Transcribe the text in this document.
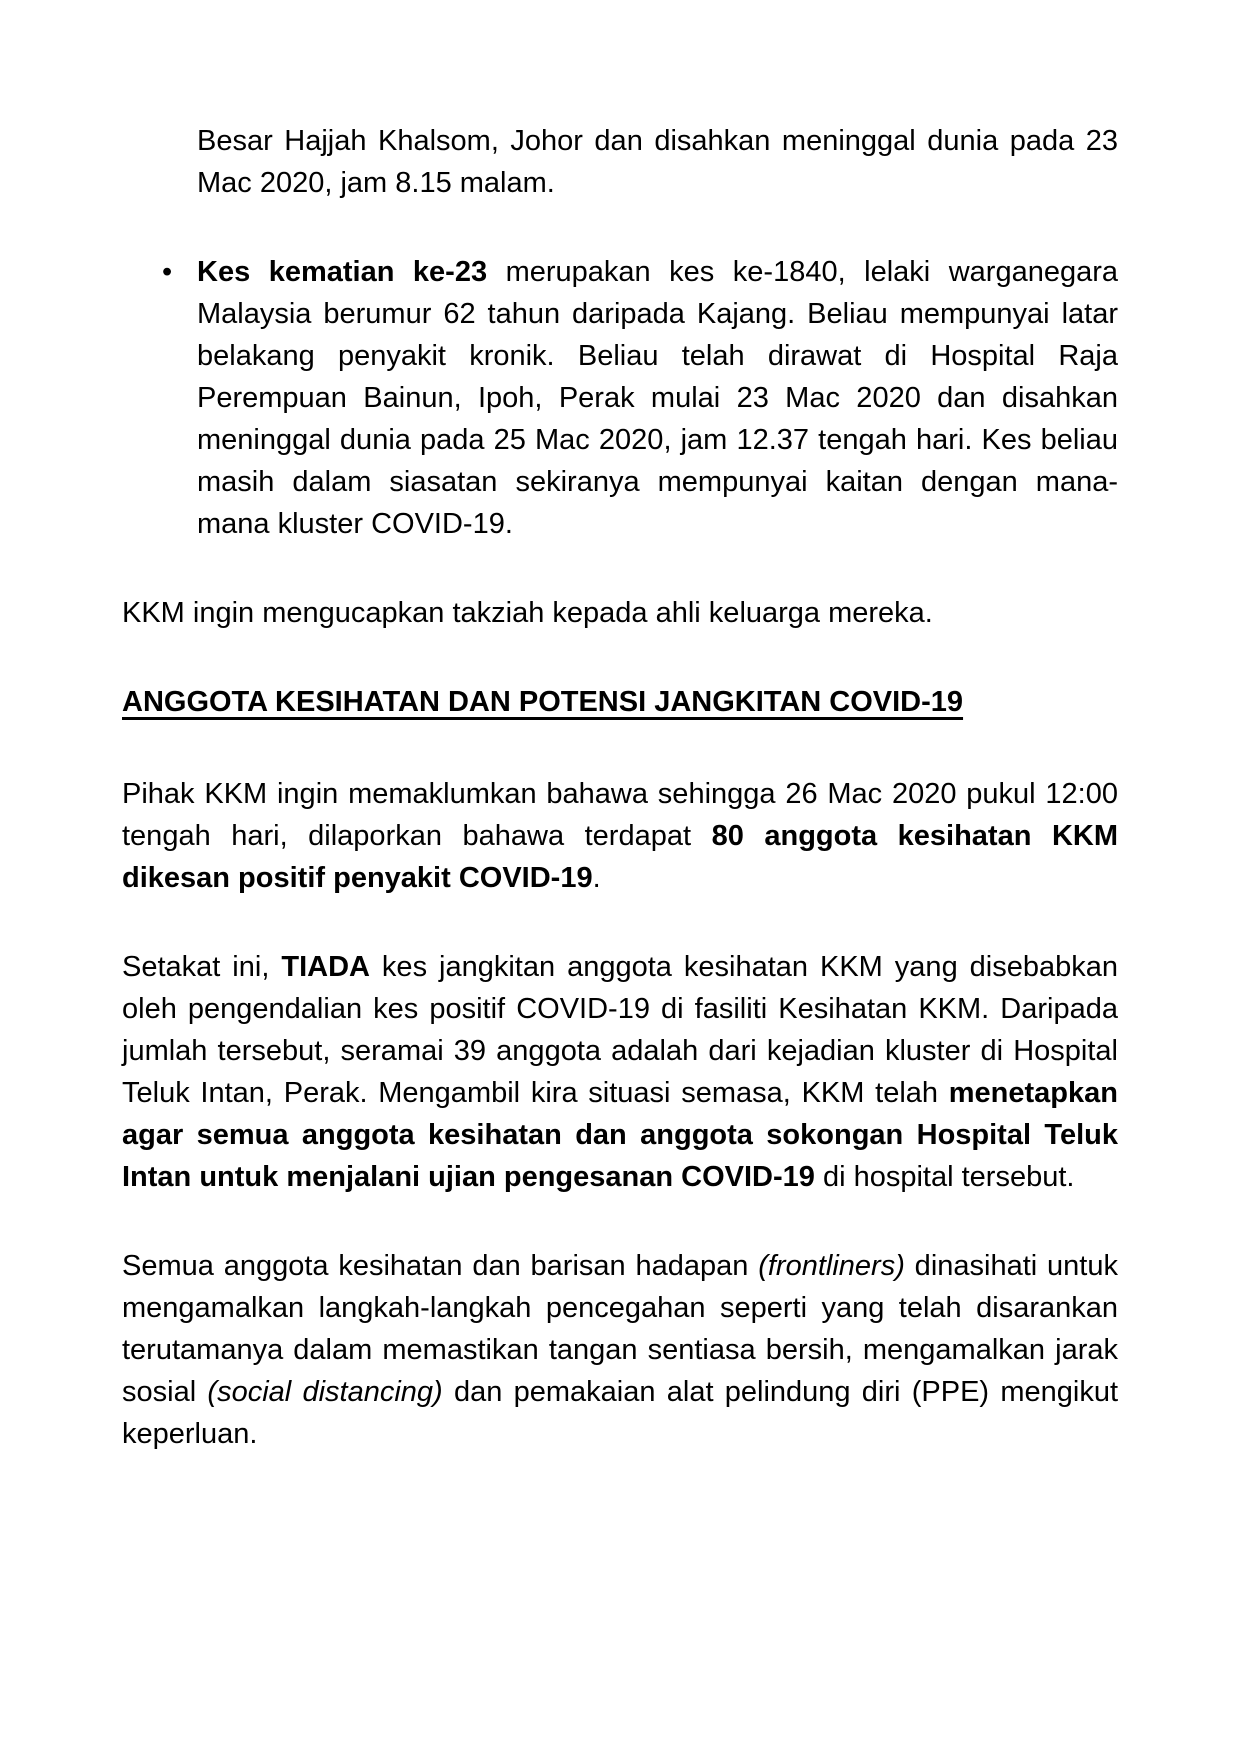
Besar Hajjah Khalsom, Johor dan disahkan meninggal dunia pada 23 Mac 2020, jam 8.15 malam.

• Kes kematian ke-23 merupakan kes ke-1840, lelaki warganegara Malaysia berumur 62 tahun daripada Kajang. Beliau mempunyai latar belakang penyakit kronik. Beliau telah dirawat di Hospital Raja Perempuan Bainun, Ipoh, Perak mulai 23 Mac 2020 dan disahkan meninggal dunia pada 25 Mac 2020, jam 12.37 tengah hari. Kes beliau masih dalam siasatan sekiranya mempunyai kaitan dengan mana-mana kluster COVID-19.

KKM ingin mengucapkan takziah kepada ahli keluarga mereka.

ANGGOTA KESIHATAN DAN POTENSI JANGKITAN COVID-19

Pihak KKM ingin memaklumkan bahawa sehingga 26 Mac 2020 pukul 12:00 tengah hari, dilaporkan bahawa terdapat 80 anggota kesihatan KKM dikesan positif penyakit COVID-19.

Setakat ini, TIADA kes jangkitan anggota kesihatan KKM yang disebabkan oleh pengendalian kes positif COVID-19 di fasiliti Kesihatan KKM. Daripada jumlah tersebut, seramai 39 anggota adalah dari kejadian kluster di Hospital Teluk Intan, Perak. Mengambil kira situasi semasa, KKM telah menetapkan agar semua anggota kesihatan dan anggota sokongan Hospital Teluk Intan untuk menjalani ujian pengesanan COVID-19 di hospital tersebut.

Semua anggota kesihatan dan barisan hadapan (frontliners) dinasihati untuk mengamalkan langkah-langkah pencegahan seperti yang telah disarankan terutamanya dalam memastikan tangan sentiasa bersih, mengamalkan jarak sosial (social distancing) dan pemakaian alat pelindung diri (PPE) mengikut keperluan.
